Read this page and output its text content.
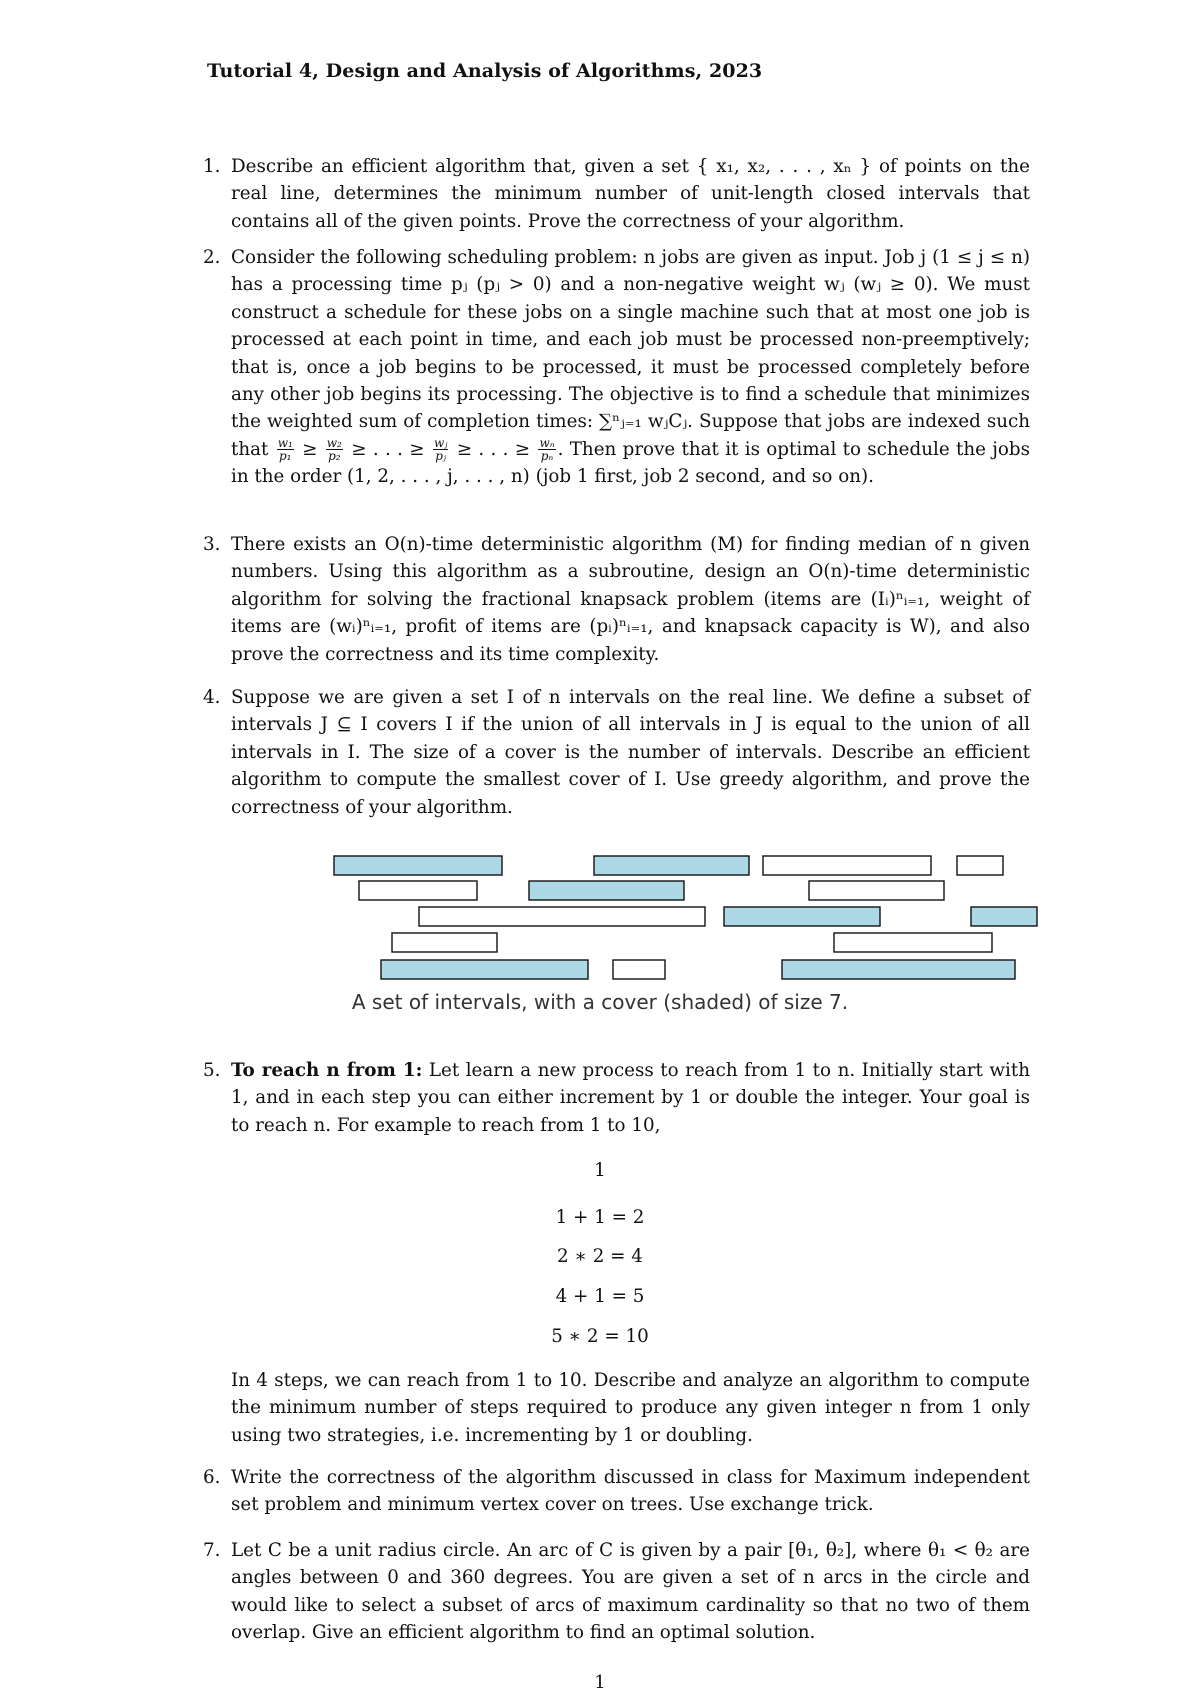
Tutorial 4, Design and Analysis of Algorithms, 2023
1. Describe an efficient algorithm that, given a set { x₁, x₂, . . . , xₙ } of points on the real line, determines the minimum number of unit-length closed intervals that contains all of the given points. Prove the correctness of your algorithm.
2. Consider the following scheduling problem: n jobs are given as input. Job j (1 ≤ j ≤ n) has a processing time pⱼ (pⱼ > 0) and a non-negative weight wⱼ (wⱼ ≥ 0). We must construct a schedule for these jobs on a single machine such that at most one job is processed at each point in time, and each job must be processed non-preemptively; that is, once a job begins to be processed, it must be processed completely before any other job begins its processing. The objective is to find a schedule that minimizes the weighted sum of completion times: ∑ⁿⱼ₌₁ wⱼCⱼ. Suppose that jobs are indexed such that $\frac{\text{w₁}}{\text{p₁}} \ge \frac{\text{w₂}}{\text{p₂}}$ ≥ . . . ≥ $\frac{\text{wⱼ}}{\text{pⱼ}}$ ≥ . . . ≥ $\frac{\text{wₙ}}{\text{pₙ}}$ . Then prove that it is optimal to schedule the jobs in the order (1, 2, . . . , j, . . . , n) (job 1 first, job 2 second, and so on).
3. There exists an O(n)-time deterministic algorithm (M) for finding median of n given numbers. Using this algorithm as a subroutine, design an O(n)-time deterministic algorithm for solving the fractional knapsack problem (items are (Iᵢ)ⁿᵢ₌₁, weight of items are (wᵢ)ⁿᵢ₌₁, profit of items are (pᵢ)ⁿᵢ₌₁, and knapsack capacity is W), and also prove the correctness and its time complexity.
4. Suppose we are given a set I of n intervals on the real line. We define a subset of intervals J ⊆ I covers I if the union of all intervals in J is equal to the union of all intervals in I. The size of a cover is the number of intervals. Describe an efficient algorithm to compute the smallest cover of I. Use greedy algorithm, and prove the correctness of your algorithm.
A set of intervals, with a cover (shaded) of size 7.
5. To reach n from 1: Let learn a new process to reach from 1 to n. Initially start with 1, and in each step you can either increment by 1 or double the integer. Your goal is to reach n. For example to reach from 1 to 10,
1
1 + 1 = 2
2 ∗ 2 = 4
4 + 1 = 5
5 ∗ 2 = 10
In 4 steps, we can reach from 1 to 10. Describe and analyze an algorithm to compute the minimum number of steps required to produce any given integer n from 1 only using two strategies, i.e. incrementing by 1 or doubling.
6. Write the correctness of the algorithm discussed in class for Maximum independent set problem and minimum vertex cover on trees. Use exchange trick.
7. Let C be a unit radius circle. An arc of C is given by a pair [θ₁, θ₂], where θ₁ < θ₂ are angles between 0 and 360 degrees. You are given a set of n arcs in the circle and would like to select a subset of arcs of maximum cardinality so that no two of them overlap. Give an efficient algorithm to find an optimal solution.
1
